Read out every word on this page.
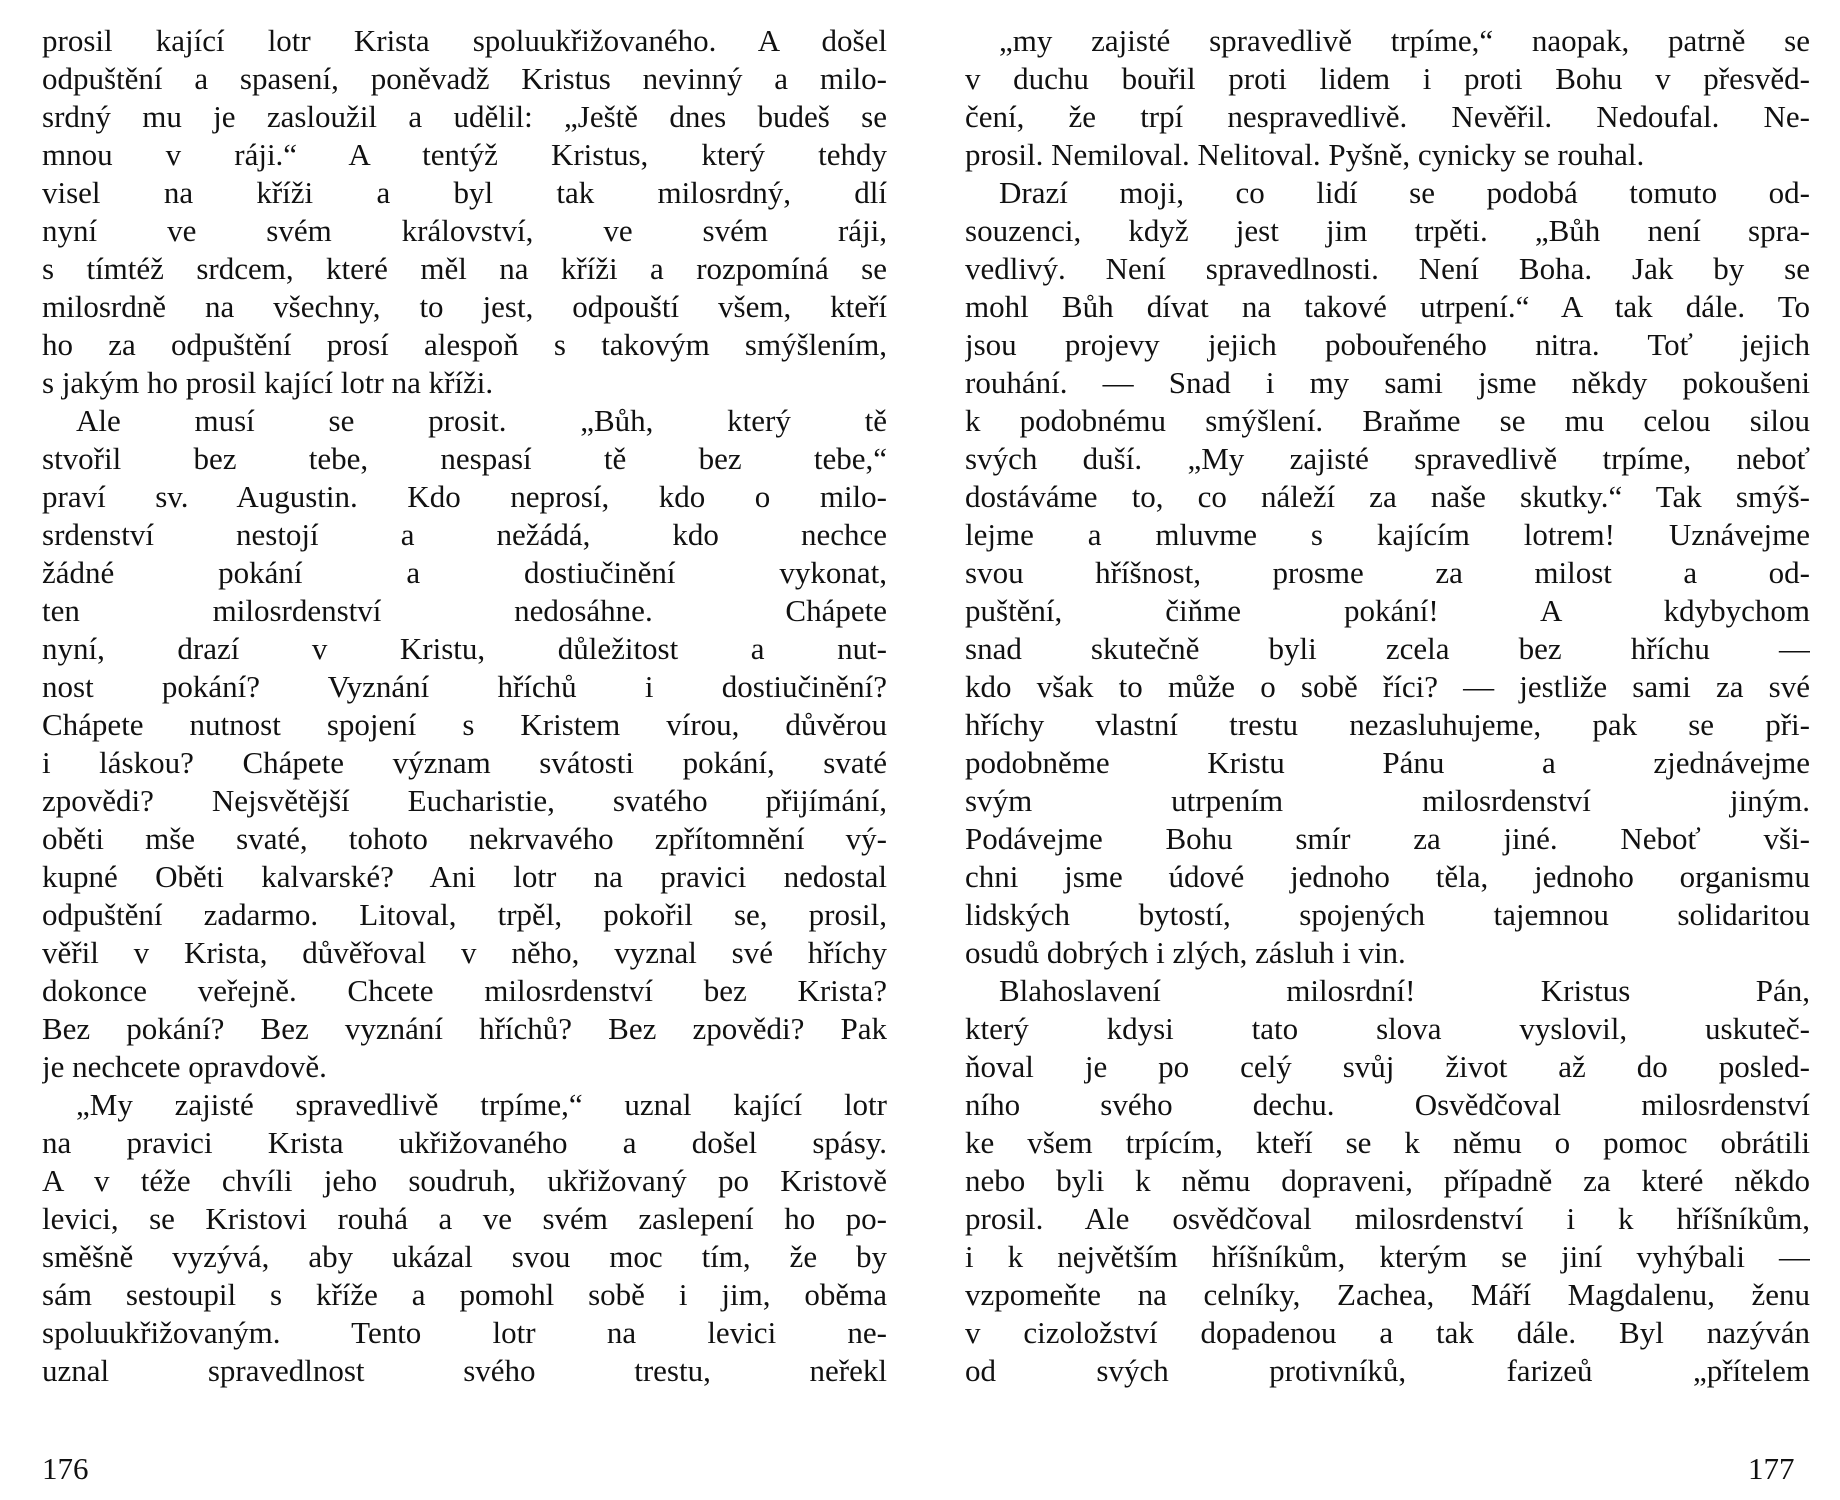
prosil kající lotr Krista spoluukřižovaného. A došel
odpuštění a spasení, poněvadž Kristus nevinný a milo-
srdný mu je zasloužil a udělil: „Ještě dnes budeš se
mnou v ráji.“ A tentýž Kristus, který tehdy
visel na kříži a byl tak milosrdný, dlí
nyní ve svém království, ve svém ráji,
s tímtéž srdcem, které měl na kříži a rozpomíná se
milosrdně na všechny, to jest, odpouští všem, kteří
ho za odpuštění prosí alespoň s takovým smýšlením,
s jakým ho prosil kající lotr na kříži.
Ale musí se prosit. „Bůh, který tě
stvořil bez tebe, nespasí tě bez tebe,“
praví sv. Augustin. Kdo neprosí, kdo o milo-
srdenství nestojí a nežádá, kdo nechce
žádné pokání a dostiučinění vykonat,
ten milosrdenství nedosáhne. Chápete
nyní, drazí v Kristu, důležitost a nut-
nost pokání? Vyznání hříchů i dostiučinění?
Chápete nutnost spojení s Kristem vírou, důvěrou
i láskou? Chápete význam svátosti pokání, svaté
zpovědi? Nejsvětější Eucharistie, svatého přijímání,
oběti mše svaté, tohoto nekrvavého zpřítomnění vý-
kupné Oběti kalvarské? Ani lotr na pravici nedostal
odpuštění zadarmo. Litoval, trpěl, pokořil se, prosil,
věřil v Krista, důvěřoval v něho, vyznal své hříchy
dokonce veřejně. Chcete milosrdenství bez Krista?
Bez pokání? Bez vyznání hříchů? Bez zpovědi? Pak
je nechcete opravdově.
„My zajisté spravedlivě trpíme,“ uznal kající lotr
na pravici Krista ukřižovaného a došel spásy.
A v téže chvíli jeho soudruh, ukřižovaný po Kristově
levici, se Kristovi rouhá a ve svém zaslepení ho po-
směšně vyzývá, aby ukázal svou moc tím, že by
sám sestoupil s kříže a pomohl sobě i jim, oběma
spoluukřižovaným. Tento lotr na levici ne-
uznal spravedlnost svého trestu, neřekl
176
„my zajisté spravedlivě trpíme,“ naopak, patrně se
v duchu bouřil proti lidem i proti Bohu v přesvěd-
čení, že trpí nespravedlivě. Nevěřil. Nedoufal. Ne-
prosil. Nemiloval. Nelitoval. Pyšně, cynicky se rouhal.
Drazí moji, co lidí se podobá tomuto od-
souzenci, když jest jim trpěti. „Bůh není spra-
vedlivý. Není spravedlnosti. Není Boha. Jak by se
mohl Bůh dívat na takové utrpení.“ A tak dále. To
jsou projevy jejich pobouřeného nitra. Toť jejich
rouhání. — Snad i my sami jsme někdy pokoušeni
k podobnému smýšlení. Braňme se mu celou silou
svých duší. „My zajisté spravedlivě trpíme, neboť
dostáváme to, co náleží za naše skutky.“ Tak smýš-
lejme a mluvme s kajícím lotrem! Uznávejme
svou hříšnost, prosme za milost a od-
puštění, čiňme pokání! A kdybychom
snad skutečně byli zcela bez hříchu —
kdo však to může o sobě říci? — jestliže sami za své
hříchy vlastní trestu nezasluhujeme, pak se při-
podobněme Kristu Pánu a zjednávejme
svým utrpením milosrdenství jiným.
Podávejme Bohu smír za jiné. Neboť vši-
chni jsme údové jednoho těla, jednoho organismu
lidských bytostí, spojených tajemnou solidaritou
osudů dobrých i zlých, zásluh i vin.
Blahoslavení milosrdní! Kristus Pán,
který kdysi tato slova vyslovil, uskuteč-
ňoval je po celý svůj život až do posled-
ního svého dechu. Osvědčoval milosrdenství
ke všem trpícím, kteří se k němu o pomoc obrátili
nebo byli k němu dopraveni, případně za které někdo
prosil. Ale osvědčoval milosrdenství i k hříšníkům,
i k největším hříšníkům, kterým se jiní vyhýbali —
vzpomeňte na celníky, Zachea, Máří Magdalenu, ženu
v cizoložství dopadenou a tak dále. Byl nazýván
od svých protivníků, farizeů „přítelem
177
